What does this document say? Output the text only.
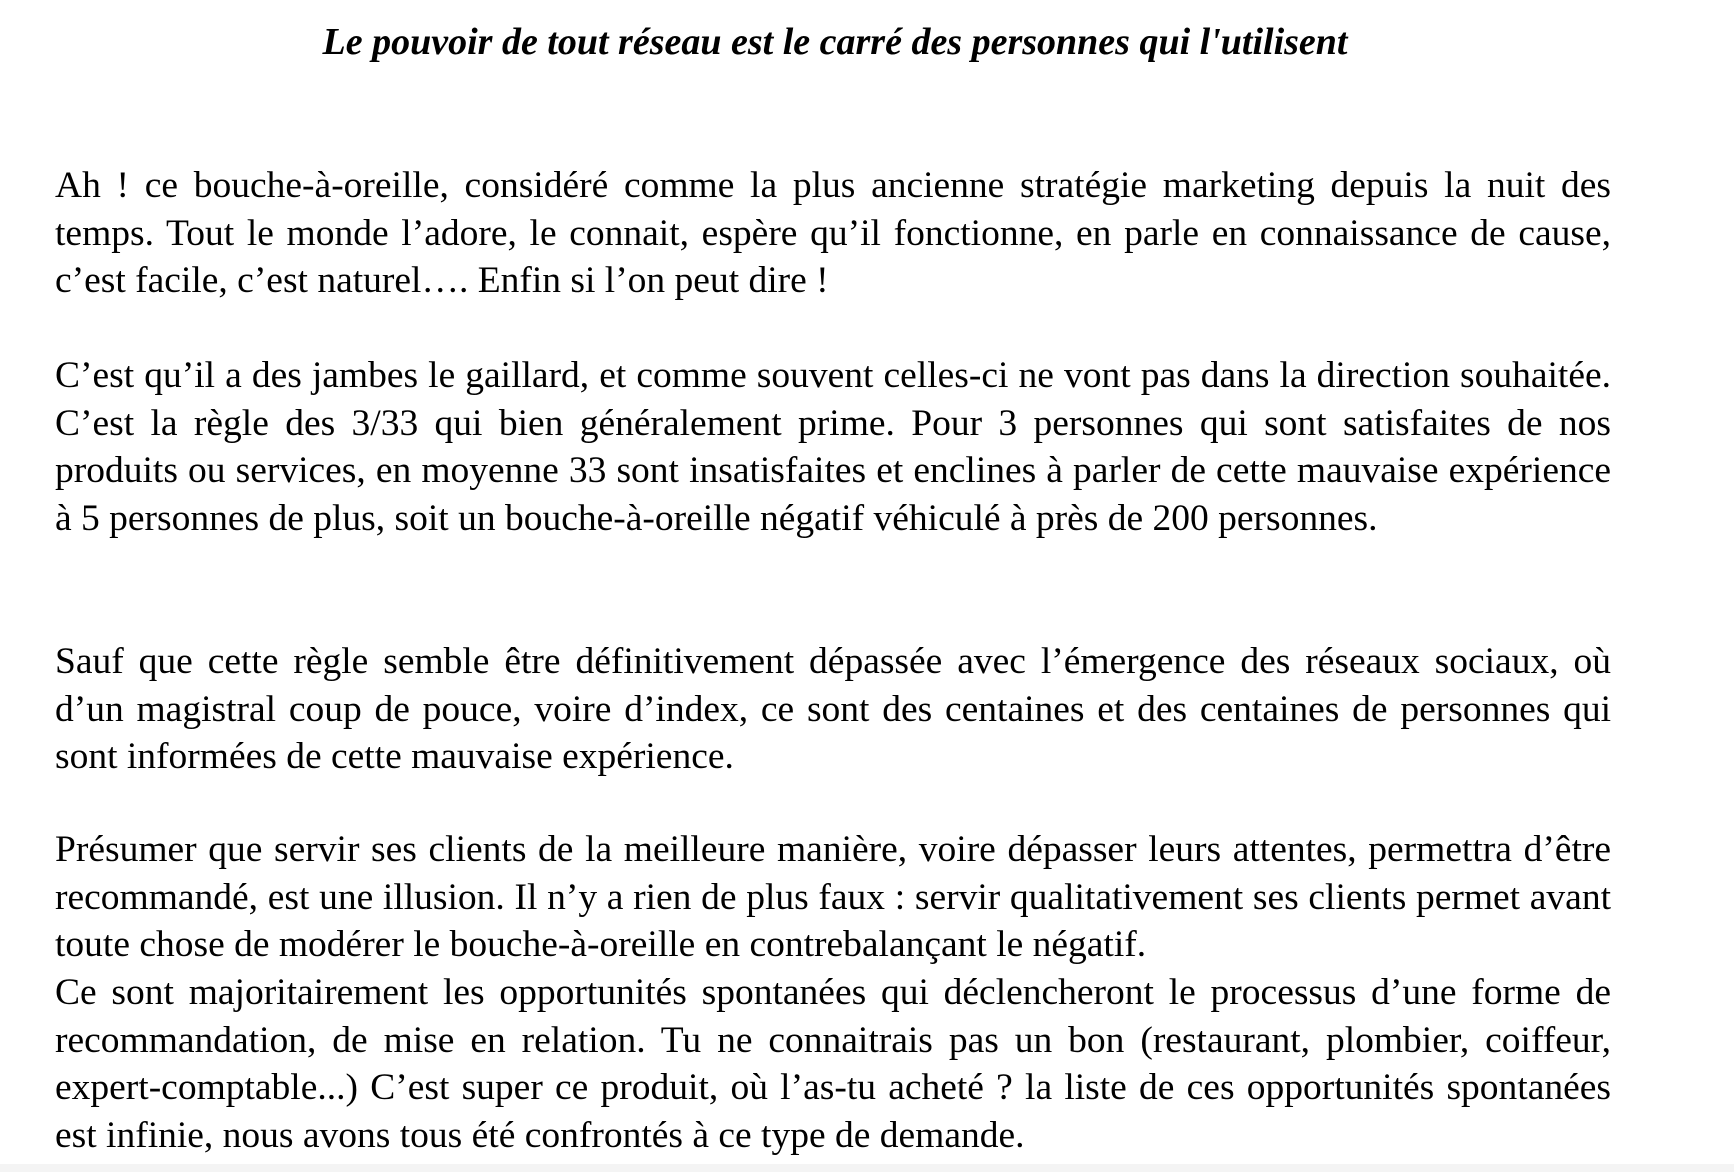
Le pouvoir de tout réseau est le carré des personnes qui l'utilisent

Ah ! ce bouche-à-oreille, considéré comme la plus ancienne stratégie marketing depuis la nuit des temps. Tout le monde l’adore, le connait, espère qu’il fonctionne, en parle en connaissance de cause, c’est facile, c’est naturel…. Enfin si l’on peut dire !

C’est qu’il a des jambes le gaillard, et comme souvent celles-ci ne vont pas dans la direction souhaitée. C’est la règle des 3/33 qui bien généralement prime. Pour 3 personnes qui sont satisfaites de nos produits ou services, en moyenne 33 sont insatisfaites et enclines à parler de cette mauvaise expérience à 5 personnes de plus, soit un bouche-à-oreille négatif véhiculé à près de 200 personnes.

Sauf que cette règle semble être définitivement dépassée avec l’émergence des réseaux sociaux, où d’un magistral coup de pouce, voire d’index, ce sont des centaines et des centaines de personnes qui sont informées de cette mauvaise expérience.

Présumer que servir ses clients de la meilleure manière, voire dépasser leurs attentes, permettra d’être recommandé, est une illusion. Il n’y a rien de plus faux : servir qualitativement ses clients permet avant toute chose de modérer le bouche-à-oreille en contrebalançant le négatif.

Ce sont majoritairement les opportunités spontanées qui déclencheront le processus d’une forme de recommandation, de mise en relation. Tu ne connaitrais pas un bon (restaurant, plombier, coiffeur, expert-comptable...) C’est super ce produit, où l’as-tu acheté ? la liste de ces opportunités spontanées est infinie, nous avons tous été confrontés à ce type de demande.
